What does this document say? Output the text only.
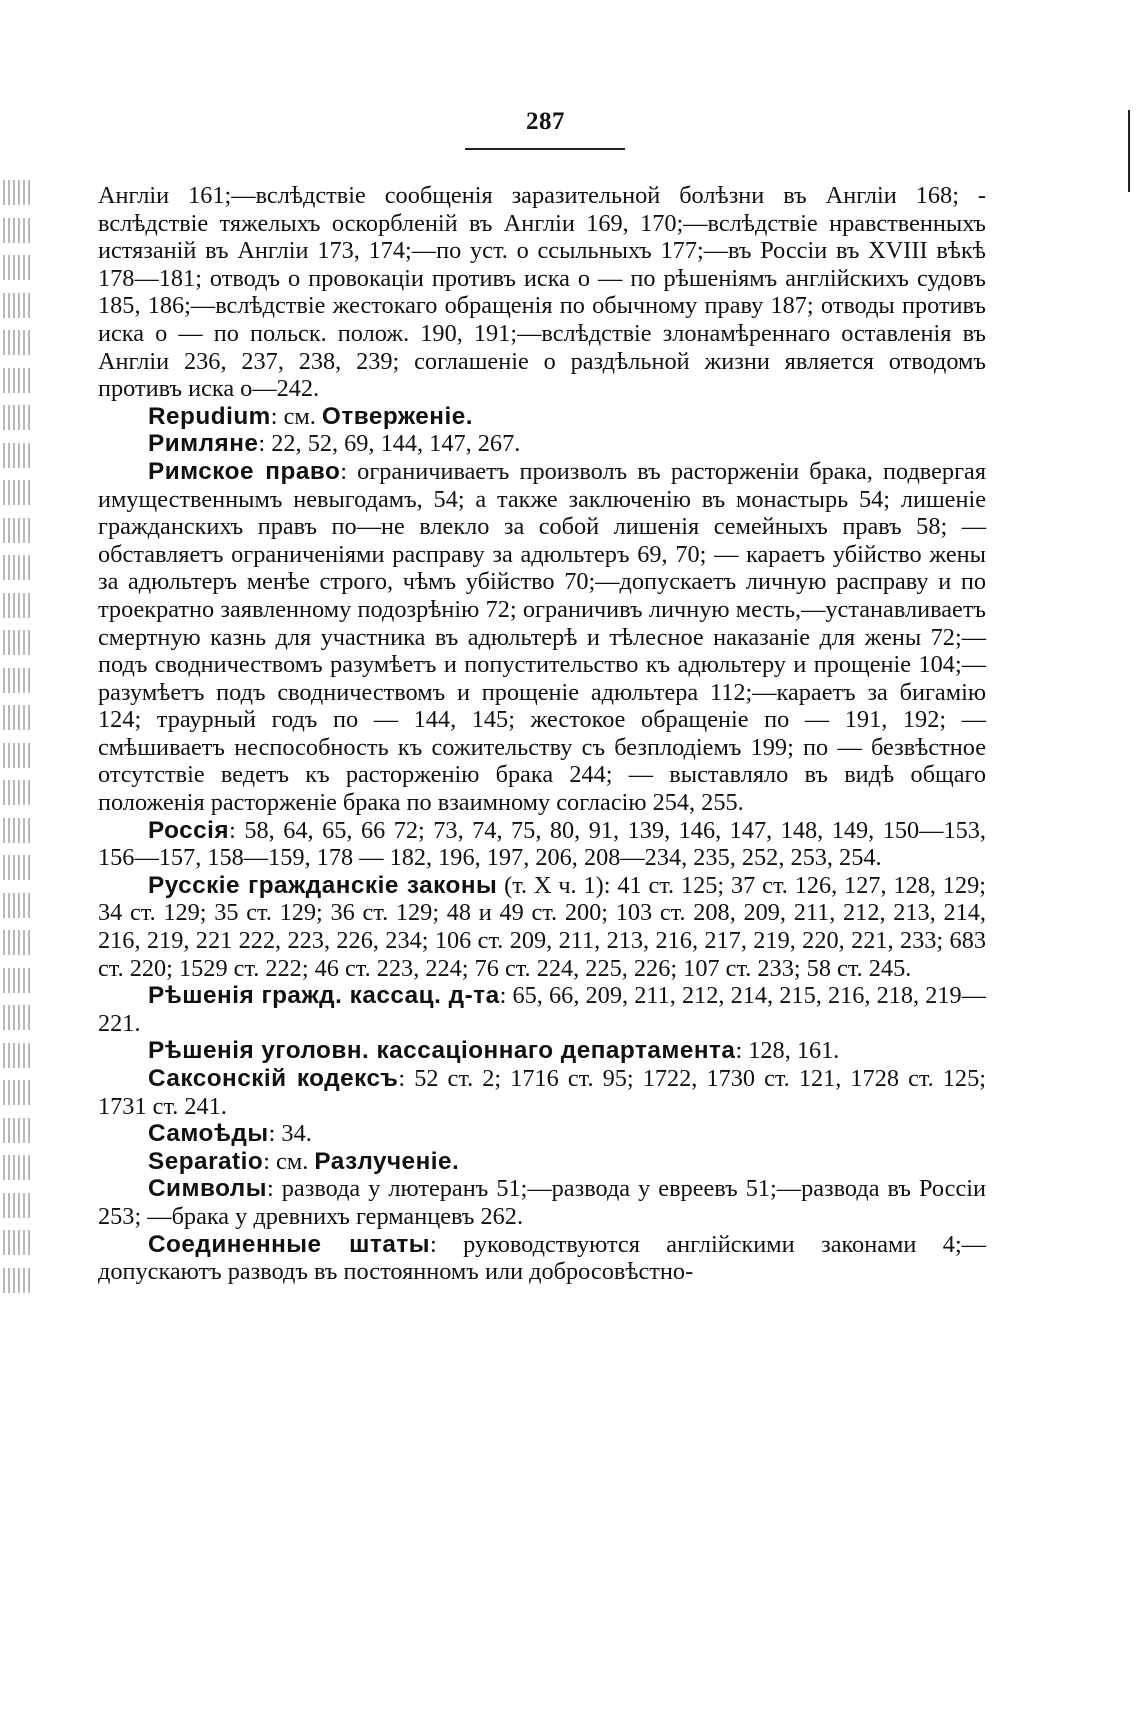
287

Англіи 161;—вслѣдствіе сообщенія заразительной болѣзни въ Англіи 168; - вслѣдствіе тяжелыхъ оскорбленій въ Англіи 169, 170;—вслѣдствіе нравственныхъ истязаній въ Англіи 173, 174;—по уст. о ссыльныхъ 177;—въ Россіи въ XVIII вѣкѣ 178—181; отводъ о провокаціи противъ иска о — по рѣшеніямъ англійскихъ судовъ 185, 186;—вслѣдствіе жестокаго обращенія по обычному праву 187; отводы противъ иска о — по польск. полож. 190, 191;—вслѣдствіе злонамѣреннаго оставленія въ Англіи 236, 237, 238, 239; соглашеніе о раздѣльной жизни является отводомъ противъ иска о—242.

Repudium: см. Отверженіе.

Римляне: 22, 52, 69, 144, 147, 267.

Римское право: ограничиваетъ произволъ въ расторженіи брака, подвергая имущественнымъ невыгодамъ, 54; а также заключенію въ монастырь 54; лишеніе гражданскихъ правъ по—не влекло за собой лишенія семейныхъ правъ 58; — обставляетъ ограниченіями расправу за адюльтеръ 69, 70; — караетъ убійство жены за адюльтеръ менѣе строго, чѣмъ убійство 70;—допускаетъ личную расправу и по троекратно заявленному подозрѣнію 72; ограничивъ личную месть,—устанавливаетъ смертную казнь для участника въ адюльтерѣ и тѣлесное наказаніе для жены 72;—подъ сводничествомъ разумѣетъ и попустительство къ адюльтеру и прощеніе 104;—разумѣетъ подъ сводничествомъ и прощеніе адюльтера 112;—караетъ за бигамію 124; траурный годъ по — 144, 145; жестокое обращеніе по — 191, 192; — смѣшиваетъ неспособность къ сожительству съ безплодіемъ 199; по — безвѣстное отсутствіе ведетъ къ расторженію брака 244; — выставляло въ видѣ общаго положенія расторженіе брака по взаимному согласію 254, 255.

Россія: 58, 64, 65, 66 72; 73, 74, 75, 80, 91, 139, 146, 147, 148, 149, 150—153, 156—157, 158—159, 178 — 182, 196, 197, 206, 208—234, 235, 252, 253, 254.

Русскіе гражданскіе законы (т. X ч. 1): 41 ст. 125; 37 ст. 126, 127, 128, 129; 34 ст. 129; 35 ст. 129; 36 ст. 129; 48 и 49 ст. 200; 103 ст. 208, 209, 211, 212, 213, 214, 216, 219, 221 222, 223, 226, 234; 106 ст. 209, 211, 213, 216, 217, 219, 220, 221, 233; 683 ст. 220; 1529 ст. 222; 46 ст. 223, 224; 76 ст. 224, 225, 226; 107 ст. 233; 58 ст. 245.

Рѣшенія гражд. кассац. д-та: 65, 66, 209, 211, 212, 214, 215, 216, 218, 219—221.

Рѣшенія уголовн. кассаціоннаго департамента: 128, 161.

Саксонскій кодексъ: 52 ст. 2; 1716 ст. 95; 1722, 1730 ст. 121, 1728 ст. 125; 1731 ст. 241.

Самоѣды: 34.

Separatio: см. Разлученіе.

Символы: развода у лютеранъ 51;—развода у евреевъ 51;—развода въ Россіи 253; —брака у древнихъ германцевъ 262.

Соединенные штаты: руководствуются англійскими законами 4;—допускаютъ разводъ въ постоянномъ или добросовѣстно-
